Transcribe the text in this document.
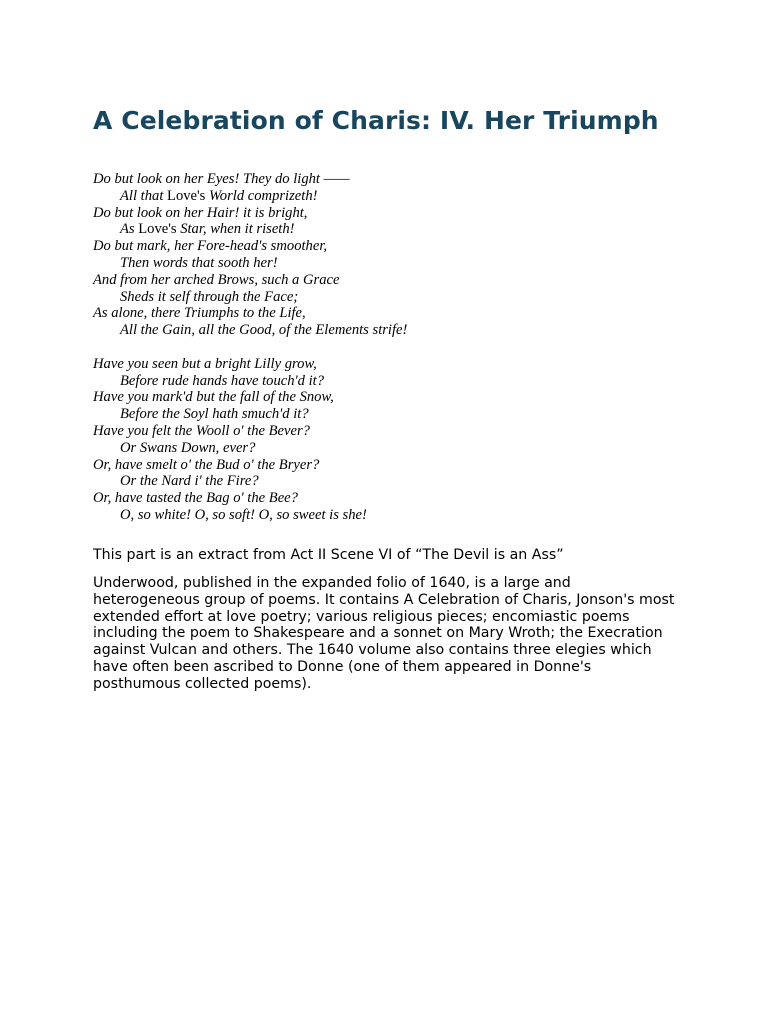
A Celebration of Charis: IV. Her Triumph
Do but look on her Eyes! They do light ——
All that Love's World comprizeth!
Do but look on her Hair! it is bright,
As Love's Star, when it riseth!
Do but mark, her Fore-head's smoother,
Then words that sooth her!
And from her arched Brows, such a Grace
Sheds it self through the Face;
As alone, there Triumphs to the Life,
All the Gain, all the Good, of the Elements strife!
Have you seen but a bright Lilly grow,
Before rude hands have touch'd it?
Have you mark'd but the fall of the Snow,
Before the Soyl hath smuch'd it?
Have you felt the Wooll o' the Bever?
Or Swans Down, ever?
Or, have smelt o' the Bud o' the Bryer?
Or the Nard i' the Fire?
Or, have tasted the Bag o' the Bee?
O, so white! O, so soft! O, so sweet is she!

This part is an extract from Act II Scene VI of “The Devil is an Ass”

Underwood, published in the expanded folio of 1640, is a large and
heterogeneous group of poems. It contains A Celebration of Charis, Jonson's most
extended effort at love poetry; various religious pieces; encomiastic poems
including the poem to Shakespeare and a sonnet on Mary Wroth; the Execration
against Vulcan and others. The 1640 volume also contains three elegies which
have often been ascribed to Donne (one of them appeared in Donne's
posthumous collected poems).
